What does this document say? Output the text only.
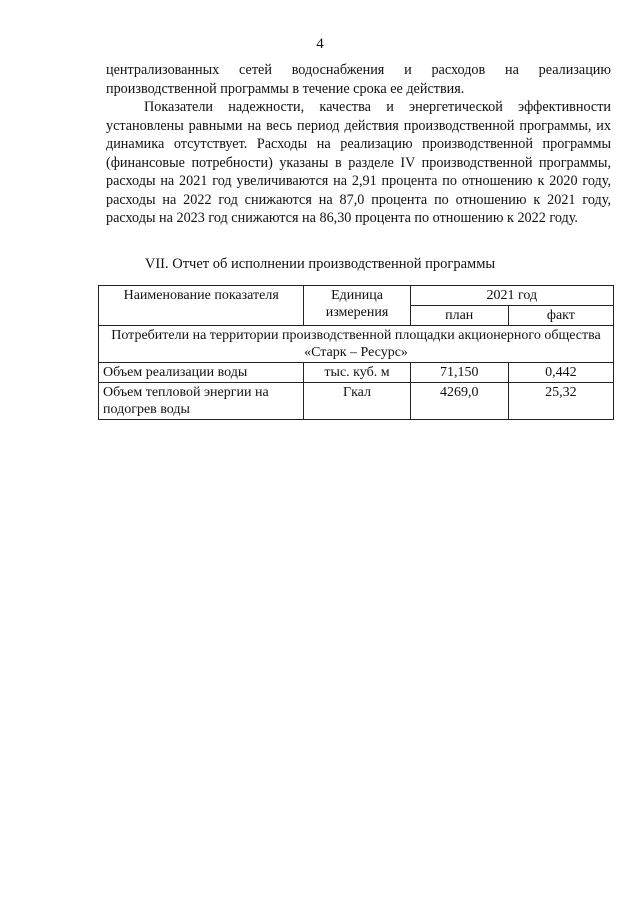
4
централизованных сетей водоснабжения и расходов на реализацию производственной программы в течение срока ее действия.
Показатели надежности, качества и энергетической эффективности установлены равными на весь период действия производственной программы, их динамика отсутствует. Расходы на реализацию производственной программы (финансовые потребности) указаны в разделе IV производственной программы, расходы на 2021 год увеличиваются на 2,91 процента по отношению к 2020 году, расходы на 2022 год снижаются на 87,0 процента по отношению к 2021 году, расходы на 2023 год снижаются на 86,30 процента по отношению к 2022 году.
VII. Отчет об исполнении производственной программы
Наименование показателя	Единица измерения	2021 год	
		план	факт
Потребители на территории производственной площадки акционерного общества «Старк – Ресурс»			
Объем реализации воды	тыс. куб. м	71,150	0,442
Объем тепловой энергии на подогрев воды	Гкал	4269,0	25,32
